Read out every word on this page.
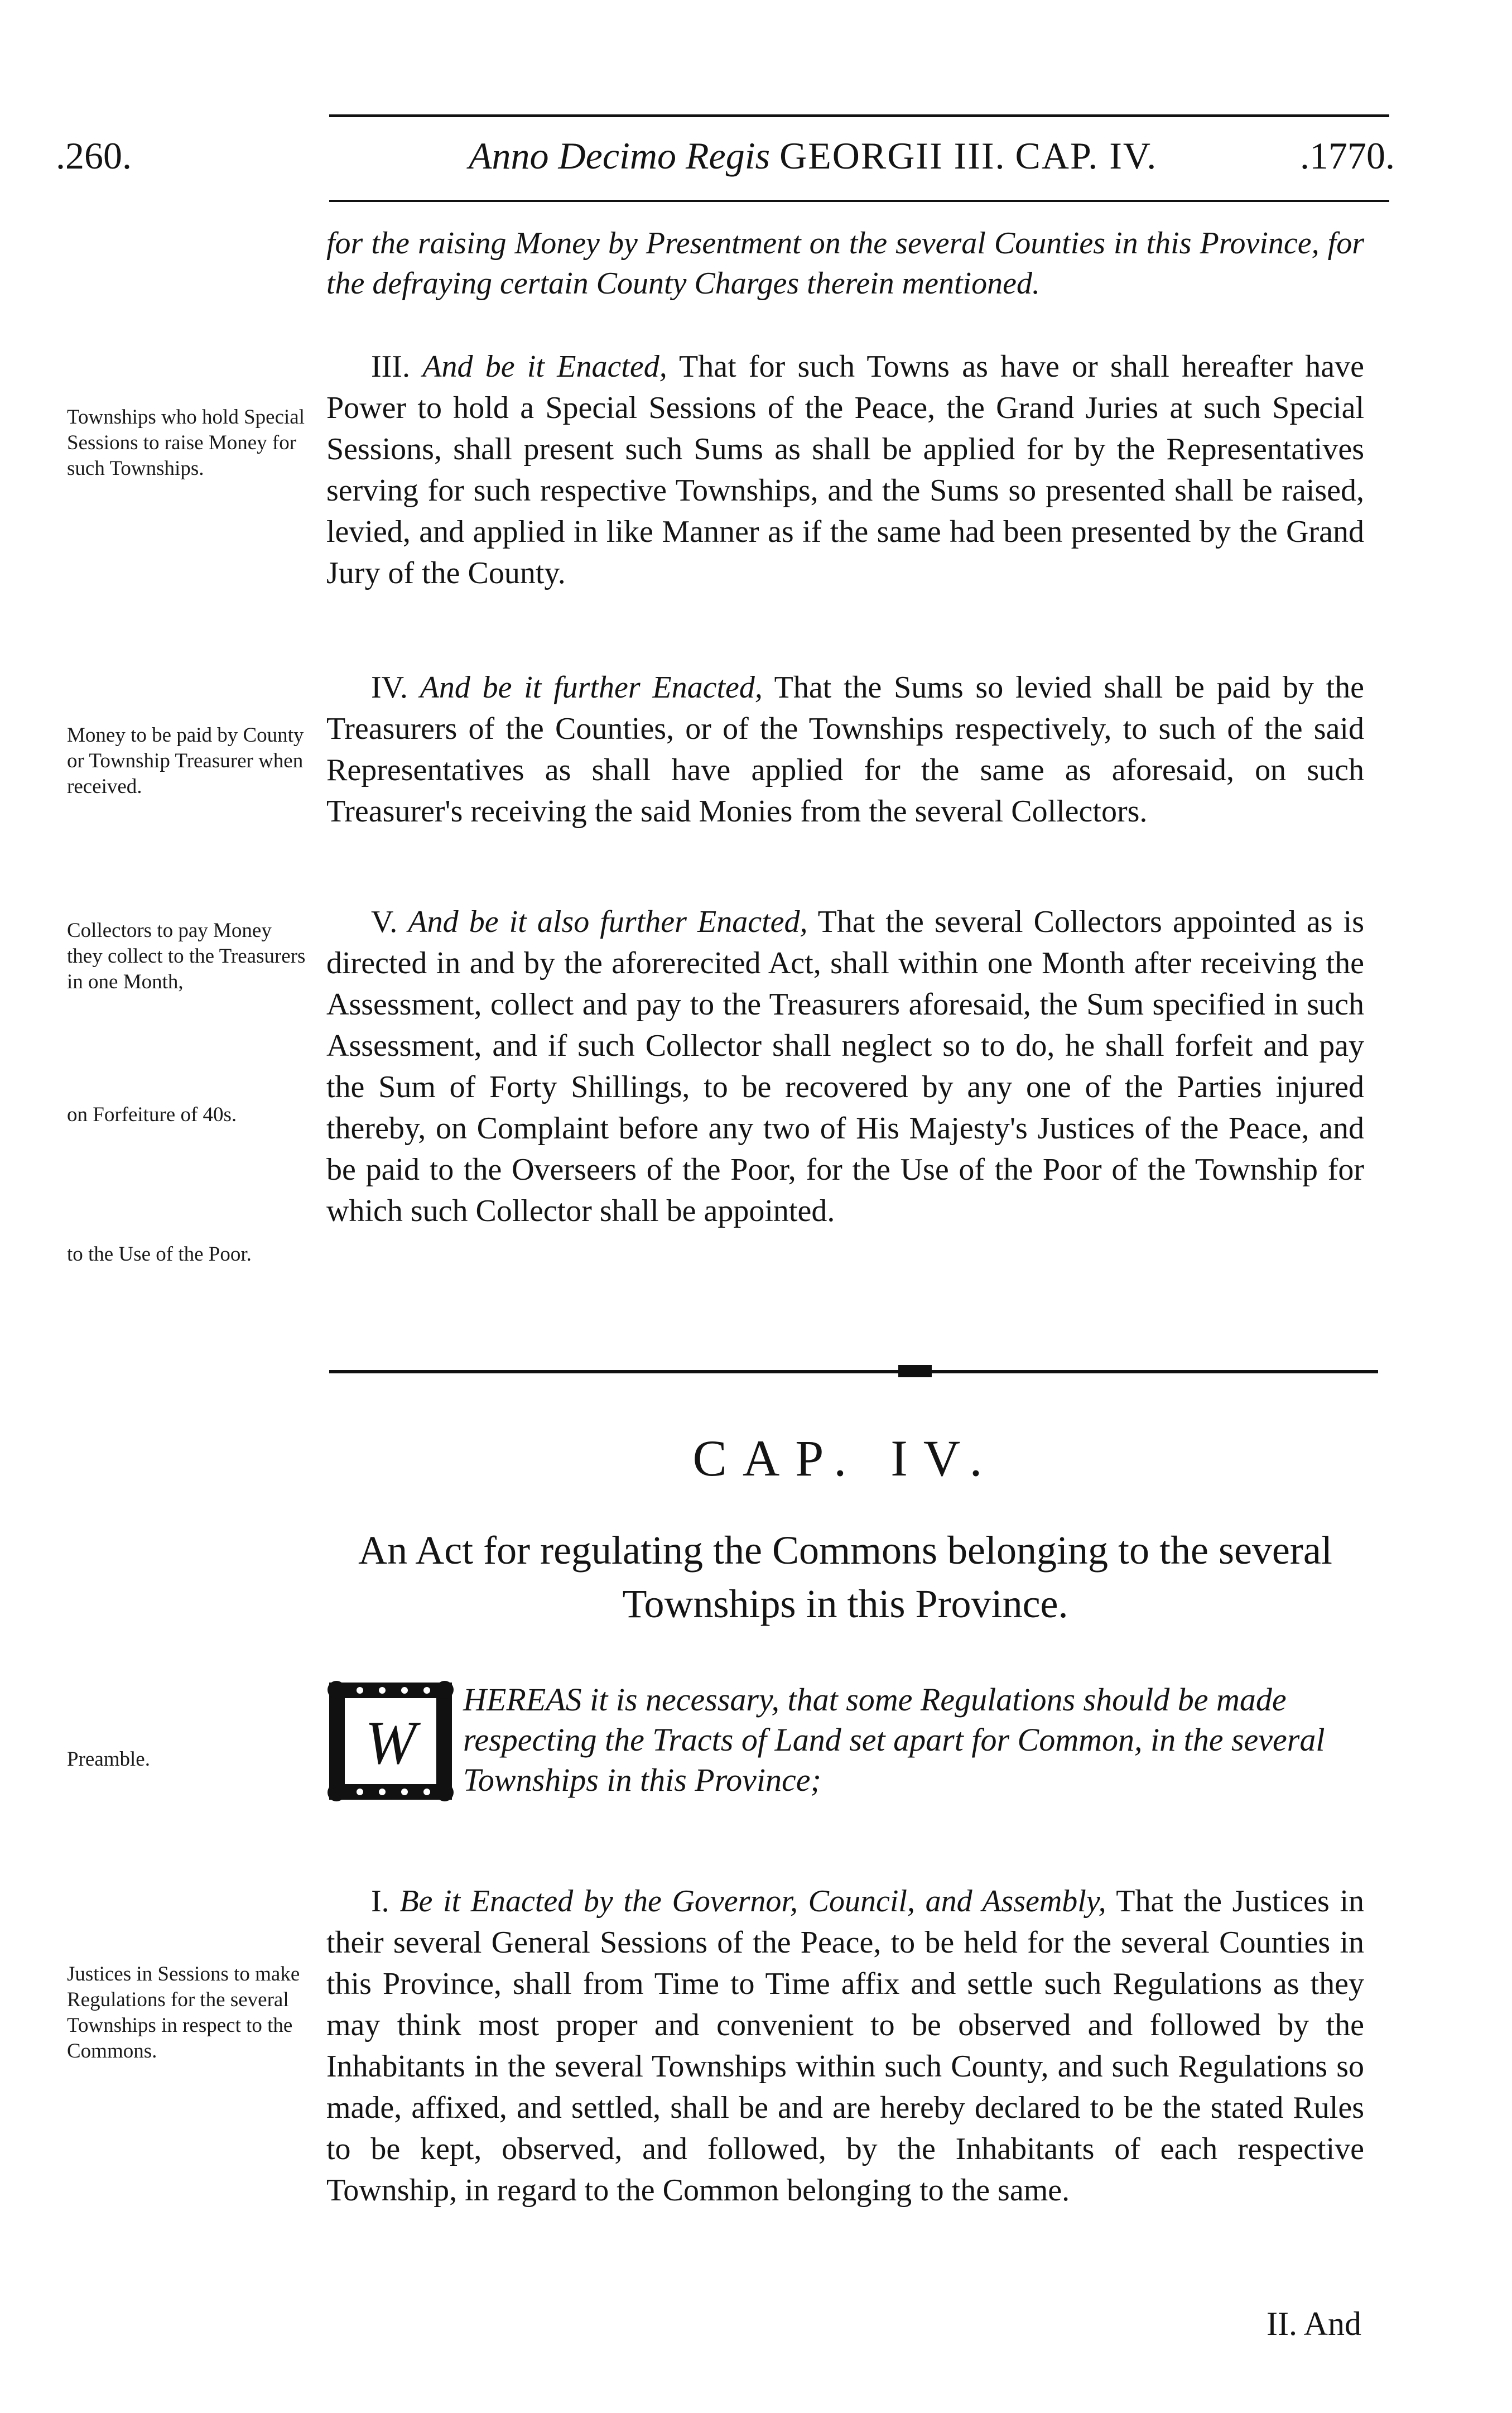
.260.	Anno Decimo Regis GEORGII III. CAP. IV.	.1770.
for the raising Money by Presentment on the several Counties in this Province, for the defraying certain County Charges therein mentioned.

III. And be it Enacted, That for such Towns as have or shall hereafter have Power to hold a Special Sessions of the Peace, the Grand Juries at such Special Sessions, shall present such Sums as shall be applied for by the Representatives serving for such respective Townships, and the Sums so presented shall be raised, levied, and applied in like Manner as if the same had been presented by the Grand Jury of the County.

Townships who hold Special Sessions to raise Money for such Townships.

IV. And be it further Enacted, That the Sums so levied shall be paid by the Treasurers of the Counties, or of the Townships respectively, to such of the said Representatives as shall have applied for the same as aforesaid, on such Treasurer's receiving the said Monies from the several Collectors.

Money to be paid by County or Township Treasurer when received.

V. And be it also further Enacted, That the several Collectors appointed as is directed in and by the aforerecited Act, shall within one Month after receiving the Assessment, collect and pay to the Treasurers aforesaid, the Sum specified in such Assessment, and if such Collector shall neglect so to do, he shall forfeit and pay the Sum of Forty Shillings, to be recovered by any one of the Parties injured thereby, on Complaint before any two of His Majesty's Justices of the Peace, and be paid to the Overseers of the Poor, for the Use of the Poor of the Township for which such Collector shall be appointed.

Collectors to pay Money they collect to the Treasurers in one Month,
on Forfeiture of 40s.
to the Use of the Poor.
CAP. IV.
An Act for regulating the Commons belonging to the several Townships in this Province.
Preamble.	W
HEREAS it is necessary, that some Regulations should be made respecting the Tracts of Land set apart for Common, in the several Townships in this Province;

I. Be it Enacted by the Governor, Council, and Assembly, That the Justices in their several General Sessions of the Peace, to be held for the several Counties in this Province, shall from Time to Time affix and settle such Regulations as they may think most proper and convenient to be observed and followed by the Inhabitants in the several Townships within such County, and such Regulations so made, affixed, and settled, shall be and are hereby declared to be the stated Rules to be kept, observed, and followed, by the Inhabitants of each respective Township, in regard to the Common belonging to the same.

Justices in Sessions to make Regulations for the several Townships in respect to the Commons.
II. And
